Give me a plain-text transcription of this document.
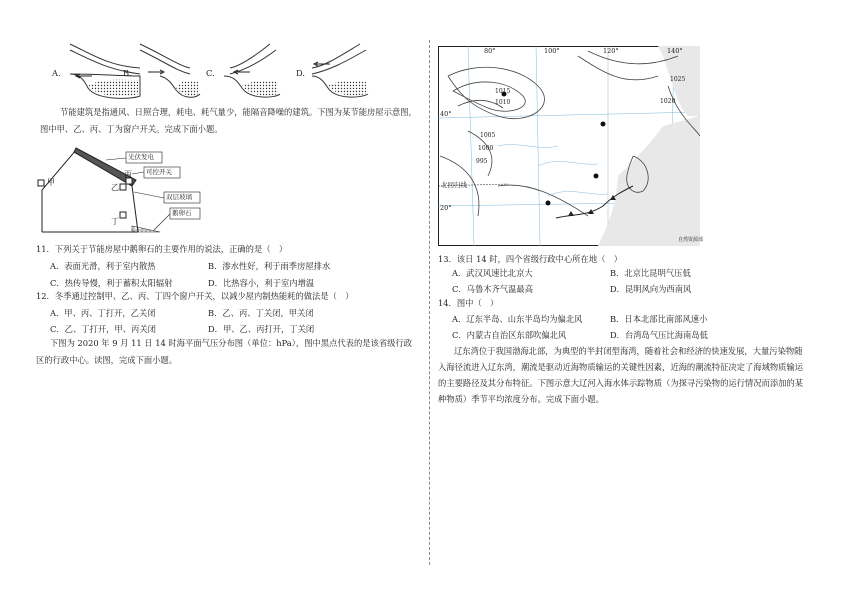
A.	B.	C.	D.
节能建筑是指通风、日照合理，耗电、耗气量少，能隔音降噪的建筑。下图为某节能房屋示意图，
图中甲、乙、丙、丁为窗户开关。完成下面小题。
光伏发电
可控开关
双层玻璃
鹅卵石
甲
丙
乙
丁
11．下列关于节能房屋中鹅卵石的主要作用的说法，正确的是（　）
A．表面光滑，利于室内散热	B．渗水性好，利于雨季房屋排水
C．热传导慢，利于蓄积太阳辐射	D．比热容小，利于室内增温
12．冬季通过控制甲、乙、丙、丁四个窗户开关，以减少屋内制热能耗的做法是（　）
A．甲、丙、丁打开，乙关闭	B．乙、丙、丁关闭，甲关闭
C．乙、丁打开，甲、丙关闭	D．甲、乙、丙打开，丁关闭
下图为 2020 年 9 月 11 日 14 时海平面气压分布图（单位：hPa），图中黑点代表的是该省级行政
区的行政中心。读图，完成下面小题。
80°	100°	120°	140°
40°
20°
1025
1020
1015
1010
1005
1000
995
北回归线
自然资源部
13．该日 14 时，四个省级行政中心所在地（　）
A．武汉风速比北京大	B．北京比昆明气压低
C．乌鲁木齐气温最高	D．昆明风向为西南风
14．图中（　）
A．辽东半岛、山东半岛均为偏北风	B．日本北部比南部风速小
C．内蒙古自治区东部吹偏北风	D．台湾岛气压比海南岛低
辽东湾位于我国渤海北部，为典型的半封闭型海湾，随着社会和经济的快速发展，大量污染物随
入海径流进入辽东湾，潮流是驱动近海物质输运的关键性因素，近海的潮流特征决定了海域物质输运
的主要路径及其分布特征。下图示意大辽河入海水体示踪物质（为探寻污染物的运行情况而添加的某
种物质）季节平均浓度分布。完成下面小题。
